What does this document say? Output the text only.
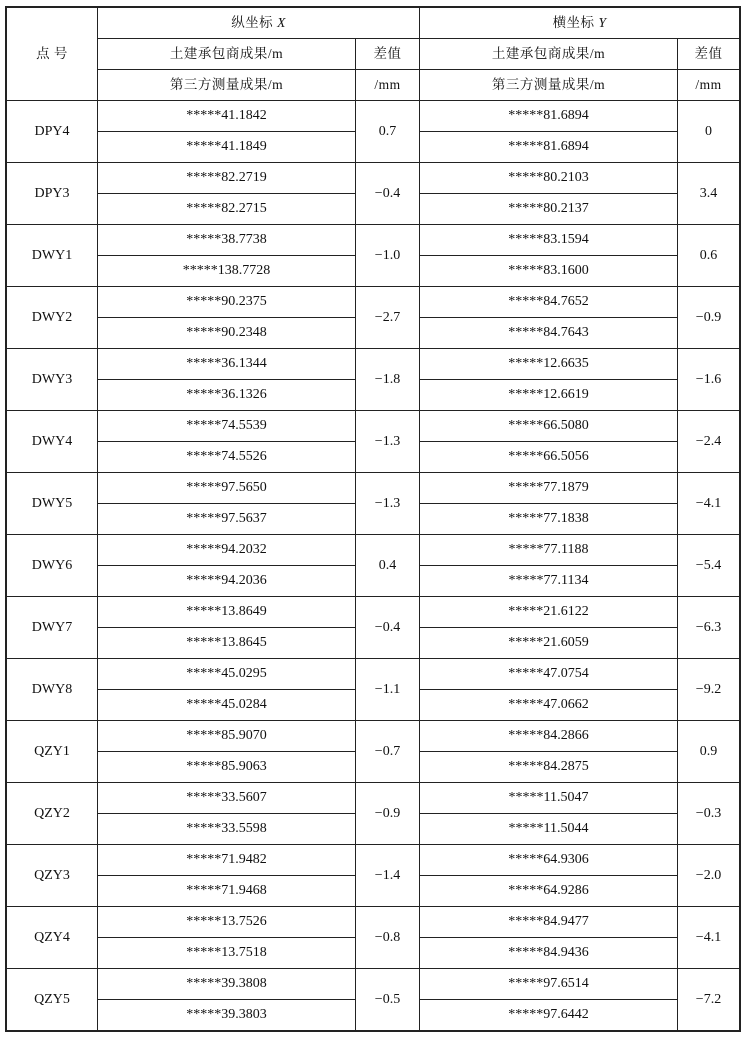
点 号	纵坐标 X		横坐标 Y	
	土建承包商成果/m	差值	土建承包商成果/m	差值
	第三方测量成果/m	/mm	第三方测量成果/m	/mm
DPY4	*****41.1842	0.7	*****81.6894	0
	*****41.1849		*****81.6894	
DPY3	*****82.2719	−0.4	*****80.2103	3.4
	*****82.2715		*****80.2137	
DWY1	*****38.7738	−1.0	*****83.1594	0.6
	*****138.7728		*****83.1600	
DWY2	*****90.2375	−2.7	*****84.7652	−0.9
	*****90.2348		*****84.7643	
DWY3	*****36.1344	−1.8	*****12.6635	−1.6
	*****36.1326		*****12.6619	
DWY4	*****74.5539	−1.3	*****66.5080	−2.4
	*****74.5526		*****66.5056	
DWY5	*****97.5650	−1.3	*****77.1879	−4.1
	*****97.5637		*****77.1838	
DWY6	*****94.2032	0.4	*****77.1188	−5.4
	*****94.2036		*****77.1134	
DWY7	*****13.8649	−0.4	*****21.6122	−6.3
	*****13.8645		*****21.6059	
DWY8	*****45.0295	−1.1	*****47.0754	−9.2
	*****45.0284		*****47.0662	
QZY1	*****85.9070	−0.7	*****84.2866	0.9
	*****85.9063		*****84.2875	
QZY2	*****33.5607	−0.9	*****11.5047	−0.3
	*****33.5598		*****11.5044	
QZY3	*****71.9482	−1.4	*****64.9306	−2.0
	*****71.9468		*****64.9286	
QZY4	*****13.7526	−0.8	*****84.9477	−4.1
	*****13.7518		*****84.9436	
QZY5	*****39.3808	−0.5	*****97.6514	−7.2
	*****39.3803		*****97.6442	
